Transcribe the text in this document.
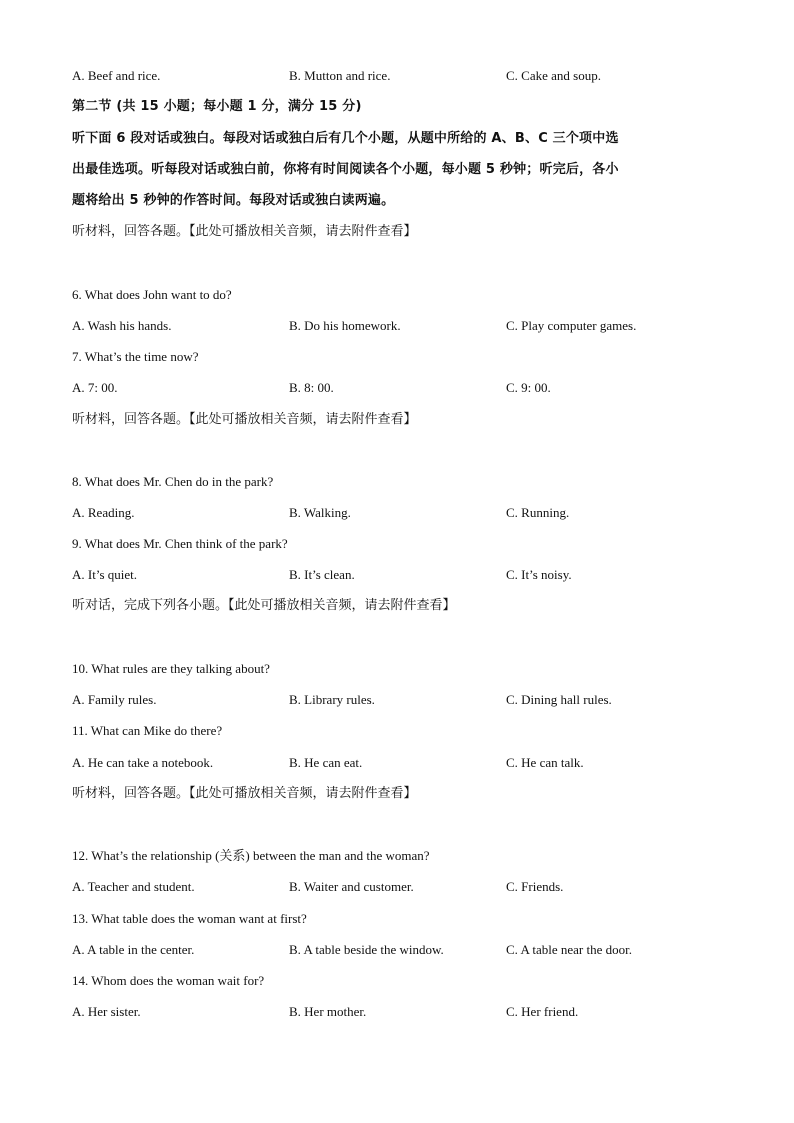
A. Beef and rice.	B. Mutton and rice.	C. Cake and soup.
第二节 (共 15 小题；每小题 1 分，满分 15 分)
听下面 6 段对话或独白。每段对话或独白后有几个小题，从题中所给的 A、B、C 三个项中选
出最佳选项。听每段对话或独白前，你将有时间阅读各个小题，每小题 5 秒钟；听完后，各小
题将给出 5 秒钟的作答时间。每段对话或独白读两遍。
听材料，回答各题。【此处可播放相关音频，请去附件查看】
6. What does John want to do?
A. Wash his hands.	B. Do his homework.	C. Play computer games.
7. What’s the time now?
A. 7: 00.	B. 8: 00.	C. 9: 00.
听材料，回答各题。【此处可播放相关音频，请去附件查看】
8. What does Mr. Chen do in the park?
A. Reading.	B. Walking.	C. Running.
9. What does Mr. Chen think of the park?
A. It’s quiet.	B. It’s clean.	C. It’s noisy.
听对话，完成下列各小题。【此处可播放相关音频，请去附件查看】
10. What rules are they talking about?
A. Family rules.	B. Library rules.	C. Dining hall rules.
11. What can Mike do there?
A. He can take a notebook.	B. He can eat.	C. He can talk.
听材料，回答各题。【此处可播放相关音频，请去附件查看】
12. What’s the relationship (关系) between the man and the woman?
A. Teacher and student.	B. Waiter and customer.	C. Friends.
13. What table does the woman want at first?
A. A table in the center.	B. A table beside the window.	C. A table near the door.
14. Whom does the woman wait for?
A. Her sister.	B. Her mother.	C. Her friend.
